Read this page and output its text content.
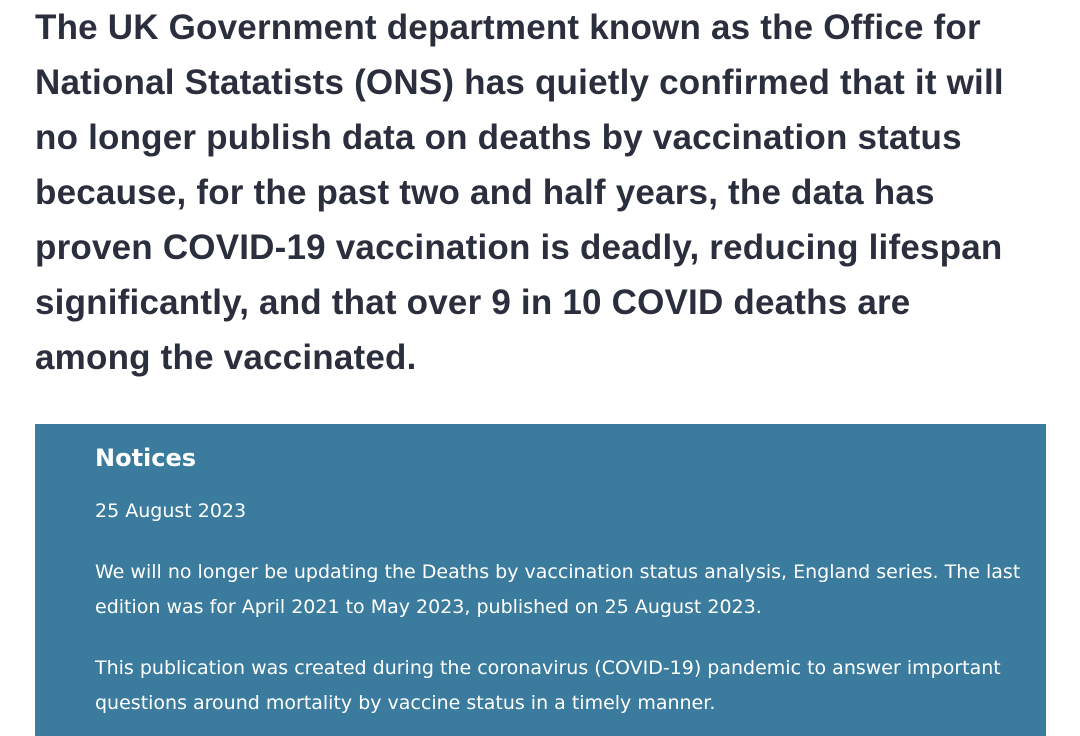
The UK Government department known as the Office for
National Statatists (ONS) has quietly confirmed that it will
no longer publish data on deaths by vaccination status
because, for the past two and half years, the data has
proven COVID-19 vaccination is deadly, reducing lifespan
significantly, and that over 9 in 10 COVID deaths are
among the vaccinated.
Notices

25 August 2023

We will no longer be updating the Deaths by vaccination status analysis, England series. The last
edition was for April 2021 to May 2023, published on 25 August 2023.

This publication was created during the coronavirus (COVID-19) pandemic to answer important
questions around mortality by vaccine status in a timely manner.
